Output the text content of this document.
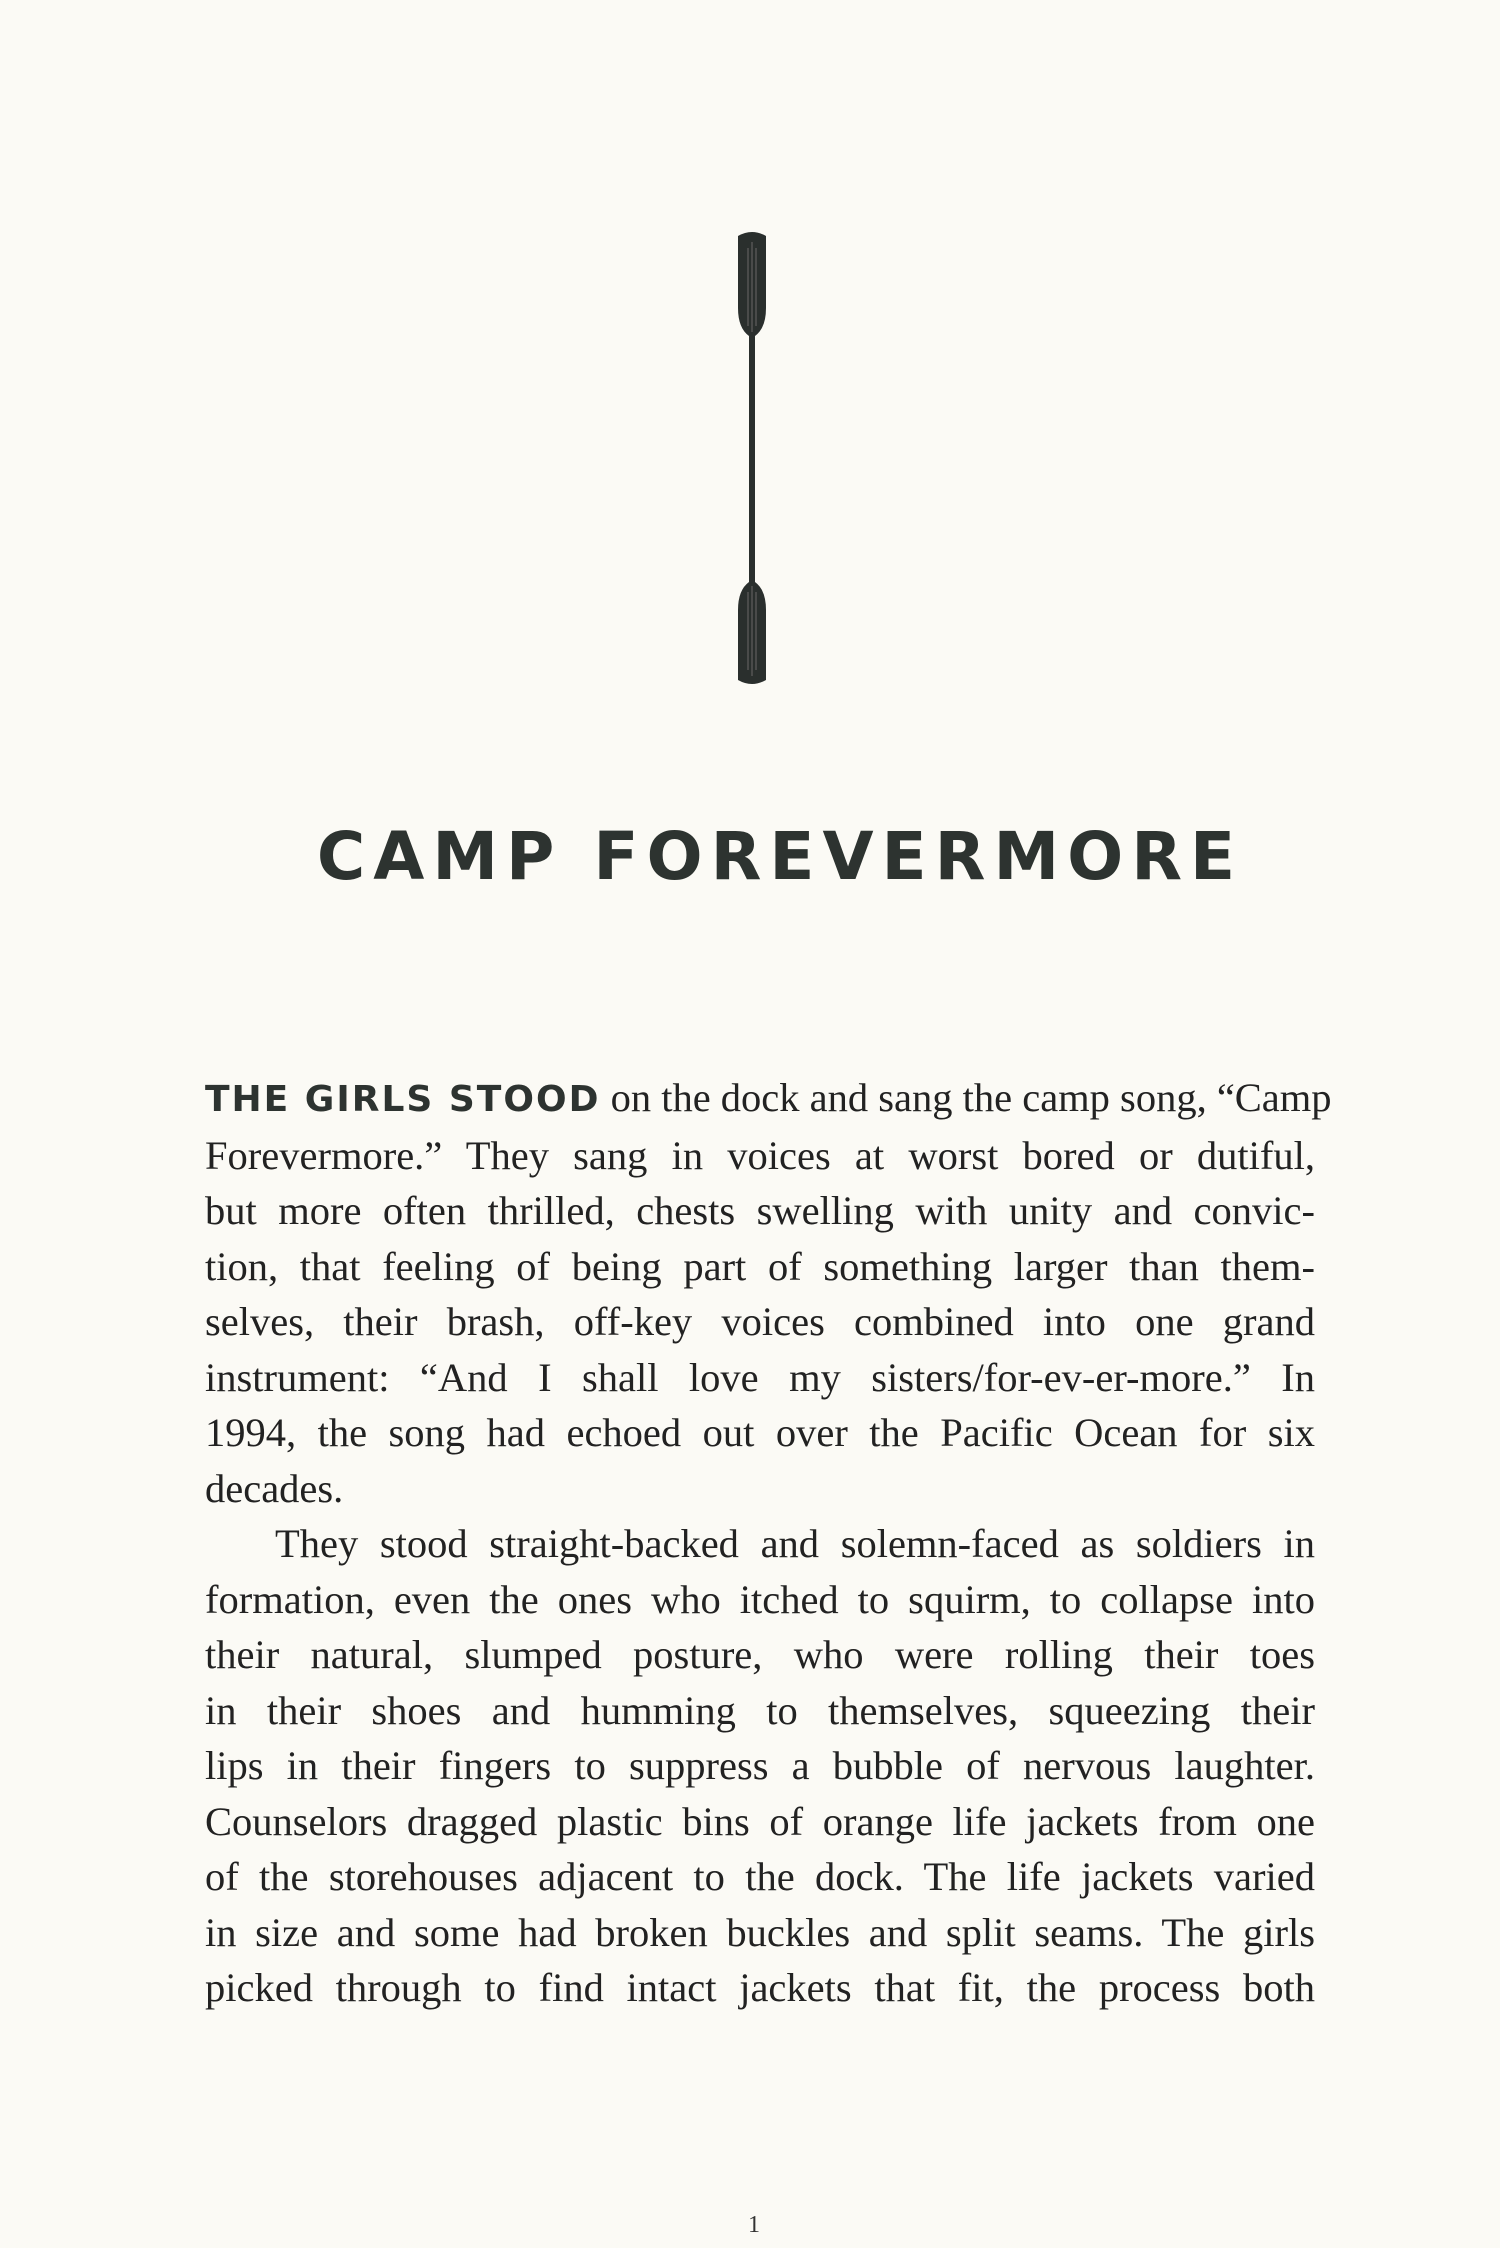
CAMP FOREVERMORE
THE GIRLS STOOD on the dock and sang the camp song, “Camp
Forevermore.” They sang in voices at worst bored or dutiful,
but more often thrilled, chests swelling with unity and convic-
tion, that feeling of being part of something larger than them-
selves, their brash, off-key voices combined into one grand
instrument: “And I shall love my sisters/for-ev-er-more.” In
1994, the song had echoed out over the Pacific Ocean for six
decades.
They stood straight-backed and solemn-faced as soldiers in
formation, even the ones who itched to squirm, to collapse into
their natural, slumped posture, who were rolling their toes
in their shoes and humming to themselves, squeezing their
lips in their fingers to suppress a bubble of nervous laughter.
Counselors dragged plastic bins of orange life jackets from one
of the storehouses adjacent to the dock. The life jackets varied
in size and some had broken buckles and split seams. The girls
picked through to find intact jackets that fit, the process both
1
